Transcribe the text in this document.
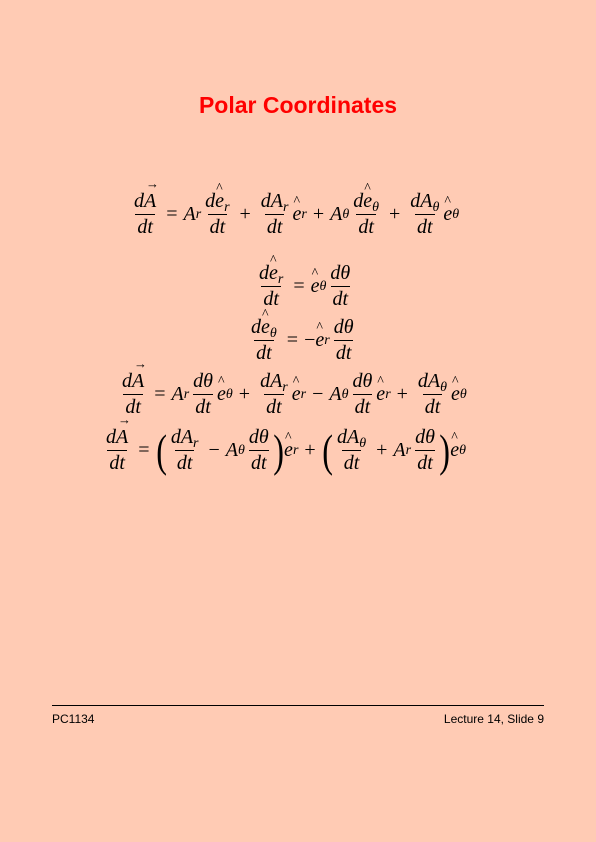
Polar Coordinates
$\frac{dA \to}{dt} = A$ r $\frac{de \^{}_r}{dt} + \frac{dA_r}{dt}$ e ^ r + A θ $\frac{de \^{}_\theta}{dt} + \frac{dA_\theta}{dt}$ e ^ θ
$\frac{de \^{}_r}{dt} = e$ ^ θ $\frac{d\theta}{dt}$
$\frac{de \^{}_\theta}{dt}$ = − e ^ r $\frac{d\theta}{dt}$
$\frac{dA \to}{dt} = A$ r $\frac{d\theta}{dt}$ e ^ $\theta + \frac{dA_r}{dt}$ e ^ r − A θ $\frac{d\theta}{dt}$ e ^ $r + \frac{dA_\theta}{dt}$ e ^ θ
$\frac{dA \to}{dt}$ = ( $\frac{dA_r}{dt} - A$ θ $\frac{d\theta}{dt}$ ) e ^ r + ( $\frac{dA_\theta}{dt} + A$ r $\frac{d\theta}{dt}$ ) e ^ θ
PC1134	Lecture 14, Slide 9
